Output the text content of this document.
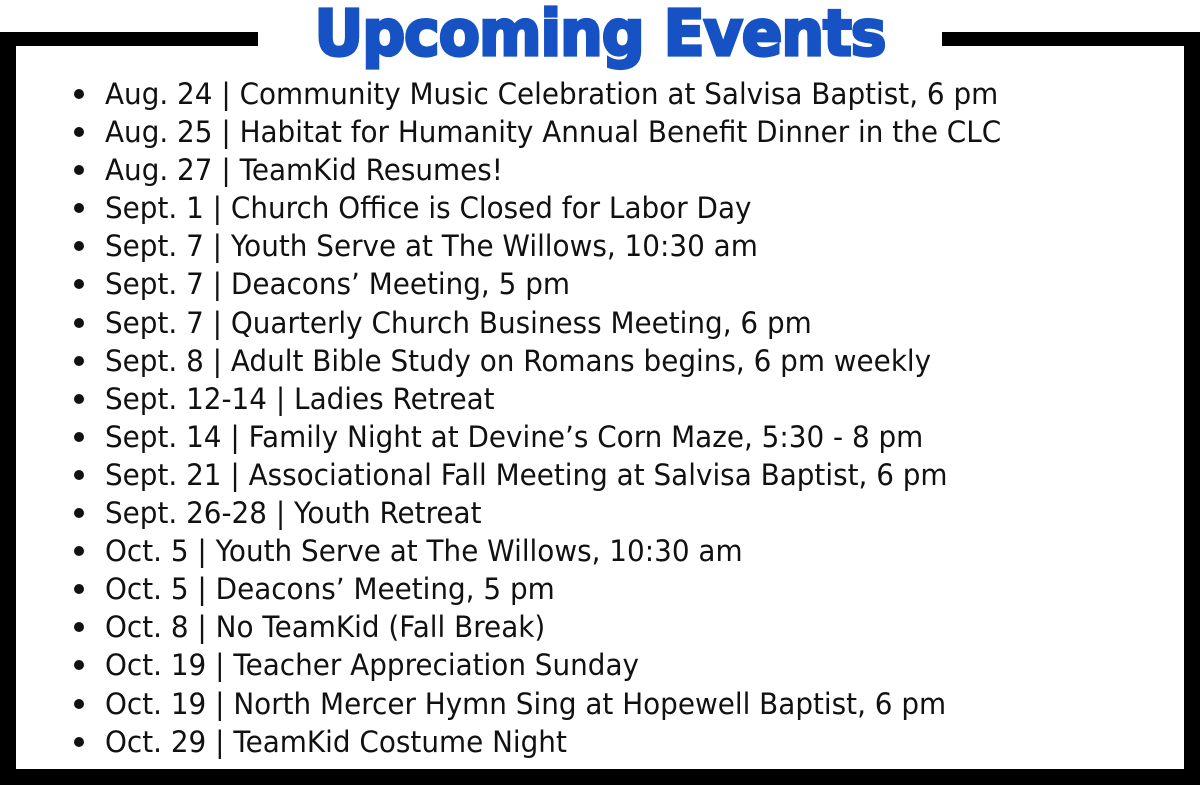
Upcoming Events
Aug. 24 | Community Music Celebration at Salvisa Baptist, 6 pm
Aug. 25 | Habitat for Humanity Annual Benefit Dinner in the CLC
Aug. 27 | TeamKid Resumes!
Sept. 1 | Church Office is Closed for Labor Day
Sept. 7 | Youth Serve at The Willows, 10:30 am
Sept. 7 | Deacons’ Meeting, 5 pm
Sept. 7 | Quarterly Church Business Meeting, 6 pm
Sept. 8 | Adult Bible Study on Romans begins, 6 pm weekly
Sept. 12-14 | Ladies Retreat
Sept. 14 | Family Night at Devine’s Corn Maze, 5:30 - 8 pm
Sept. 21 | Associational Fall Meeting at Salvisa Baptist, 6 pm
Sept. 26-28 | Youth Retreat
Oct. 5 | Youth Serve at The Willows, 10:30 am
Oct. 5 | Deacons’ Meeting, 5 pm
Oct. 8 | No TeamKid (Fall Break)
Oct. 19 | Teacher Appreciation Sunday
Oct. 19 | North Mercer Hymn Sing at Hopewell Baptist, 6 pm
Oct. 29 | TeamKid Costume Night
